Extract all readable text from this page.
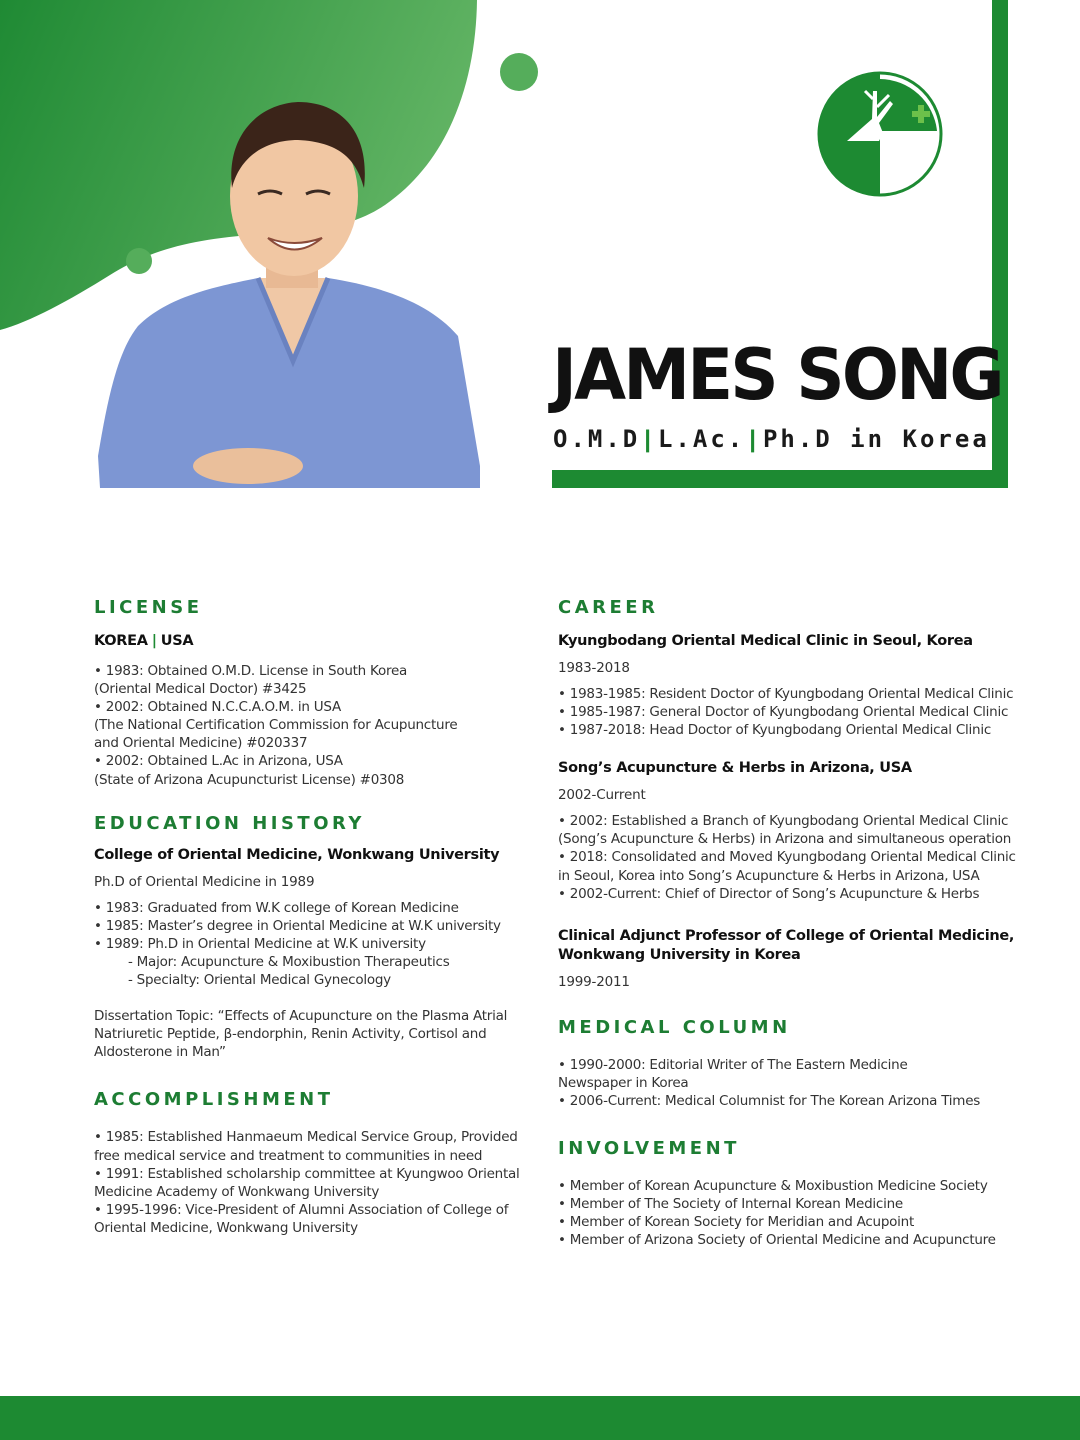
JAMES SONG
O.M.D | L.Ac. | Ph.D in Korea
LICENSE

KOREA | USA

• 1983: Obtained O.M.D. License in South Korea
(Oriental Medical Doctor) #3425
• 2002: Obtained N.C.C.A.O.M. in USA
(The National Certification Commission for Acupuncture
and Oriental Medicine) #020337
• 2002: Obtained L.Ac in Arizona, USA
(State of Arizona Acupuncturist License) #0308
EDUCATION HISTORY

College of Oriental Medicine, Wonkwang University

Ph.D of Oriental Medicine in 1989

• 1983: Graduated from W.K college of Korean Medicine
• 1985: Master’s degree in Oriental Medicine at W.K university
• 1989: Ph.D in Oriental Medicine at W.K university
- Major: Acupuncture & Moxibustion Therapeutics
- Specialty: Oriental Medical Gynecology
Dissertation Topic: “Effects of Acupuncture on the Plasma Atrial
Natriuretic Peptide, β-endorphin, Renin Activity, Cortisol and
Aldosterone in Man”
ACCOMPLISHMENT
• 1985: Established Hanmaeum Medical Service Group, Provided
free medical service and treatment to communities in need
• 1991: Established scholarship committee at Kyungwoo Oriental
Medicine Academy of Wonkwang University
• 1995-1996: Vice-President of Alumni Association of College of
Oriental Medicine, Wonkwang University
CAREER

Kyungbodang Oriental Medical Clinic in Seoul, Korea

1983-2018

• 1983-1985: Resident Doctor of Kyungbodang Oriental Medical Clinic
• 1985-1987: General Doctor of Kyungbodang Oriental Medical Clinic
• 1987-2018: Head Doctor of Kyungbodang Oriental Medical Clinic

Song’s Acupuncture & Herbs in Arizona, USA

2002-Current

• 2002: Established a Branch of Kyungbodang Oriental Medical Clinic
(Song’s Acupuncture & Herbs) in Arizona and simultaneous operation
• 2018: Consolidated and Moved Kyungbodang Oriental Medical Clinic
in Seoul, Korea into Song’s Acupuncture & Herbs in Arizona, USA
• 2002-Current: Chief of Director of Song’s Acupuncture & Herbs

Clinical Adjunct Professor of College of Oriental Medicine,
Wonkwang University in Korea

1999-2011

MEDICAL COLUMN
• 1990-2000: Editorial Writer of The Eastern Medicine
Newspaper in Korea
• 2006-Current: Medical Columnist for The Korean Arizona Times
INVOLVEMENT
• Member of Korean Acupuncture & Moxibustion Medicine Society
• Member of The Society of Internal Korean Medicine
• Member of Korean Society for Meridian and Acupoint
• Member of Arizona Society of Oriental Medicine and Acupuncture
